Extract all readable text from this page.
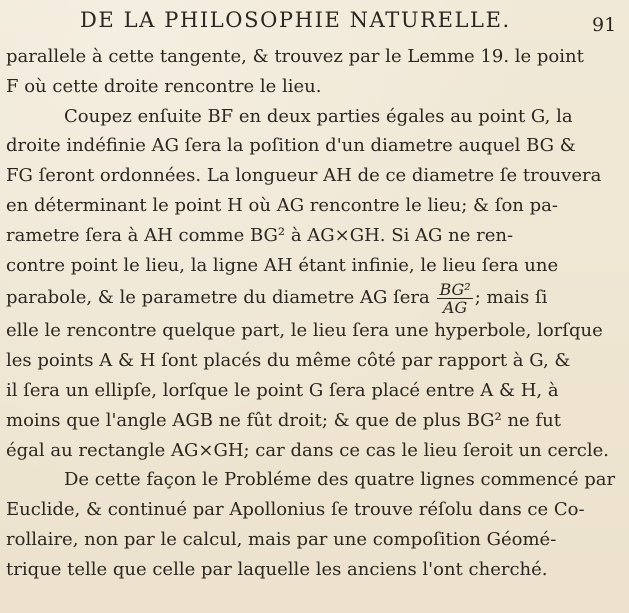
DE LA PHILOSOPHIE NATURELLE.	91
parallele à cette tangente, & trouvez par le Lemme 19. le point
F où cette droite rencontre le lieu.
Coupez enſuite BF en deux parties égales au point G, la
droite indéfinie AG ſera la poſition d'un diametre auquel BG &
FG ſeront ordonnées. La longueur AH de ce diametre ſe trouvera
en déterminant le point H où AG rencontre le lieu; & ſon pa-
rametre ſera à AH comme BG² à AG×GH. Si AG ne ren-
contre point le lieu, la ligne AH étant infinie, le lieu ſera une
parabole, & le parametre du diametre AG ſera $\frac{\text{BG²}}{AG}$ ; mais ſi
elle le rencontre quelque part, le lieu ſera une hyperbole, lorſque
les points A & H ſont placés du même côté par rapport à G, &
il ſera un ellipſe, lorſque le point G ſera placé entre A & H, à
moins que l'angle AGB ne fût droit; & que de plus BG² ne fut
égal au rectangle AG×GH; car dans ce cas le lieu ſeroit un cercle.
De cette façon le Probléme des quatre lignes commencé par
Euclide, & continué par Apollonius ſe trouve réſolu dans ce Co-
rollaire, non par le calcul, mais par une compoſition Géomé-
trique telle que celle par laquelle les anciens l'ont cherché.
